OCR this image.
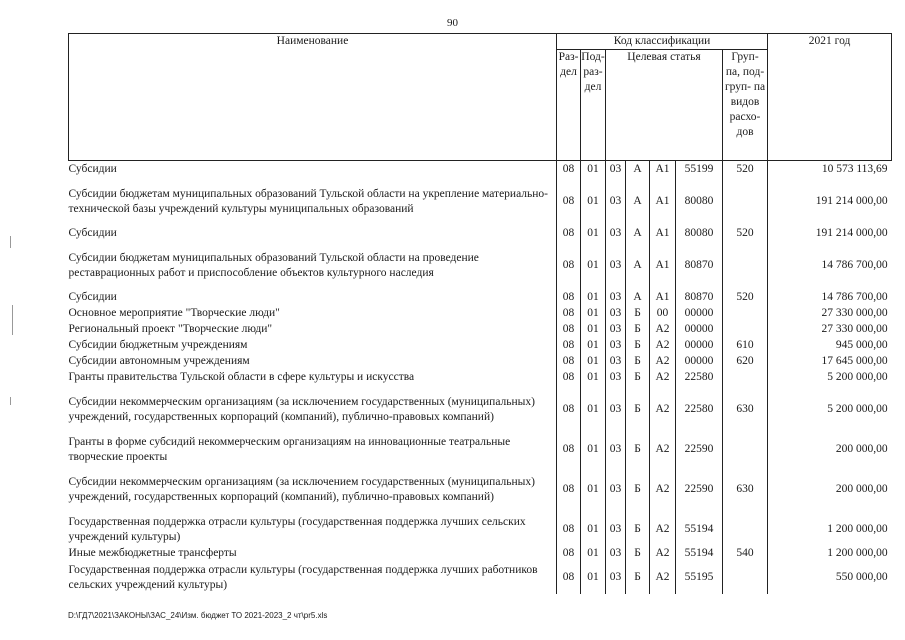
90
Наименование	Код классификации							2021 год
	Раз- дел	Под- раз- дел	Целевая статья				Груп- па, под- груп- па видов расхо- дов	
Субсидии	08	01	03	А	А1	55199	520	10 573 113,69
Субсидии бюджетам муниципальных образований Тульской области на укрепление материально-технической базы учреждений культуры муниципальных образований	08	01	03	А	А1	80080		191 214 000,00
Субсидии	08	01	03	А	А1	80080	520	191 214 000,00
Субсидии бюджетам муниципальных образований Тульской области на проведение реставрационных работ и приспособление объектов культурного наследия	08	01	03	А	А1	80870		14 786 700,00
Субсидии	08	01	03	А	А1	80870	520	14 786 700,00
Основное мероприятие "Творческие люди"	08	01	03	Б	00	00000		27 330 000,00
Региональный проект "Творческие люди"	08	01	03	Б	А2	00000		27 330 000,00
Субсидии бюджетным учреждениям	08	01	03	Б	А2	00000	610	945 000,00
Субсидии автономным учреждениям	08	01	03	Б	А2	00000	620	17 645 000,00
Гранты правительства Тульской области в сфере культуры и искусства	08	01	03	Б	А2	22580		5 200 000,00
Субсидии некоммерческим организациям (за исключением государственных (муниципальных) учреждений, государственных корпораций (компаний), публично-правовых компаний)	08	01	03	Б	А2	22580	630	5 200 000,00
Гранты в форме субсидий некоммерческим организациям на инновационные театральные творческие проекты	08	01	03	Б	А2	22590		200 000,00
Субсидии некоммерческим организациям (за исключением государственных (муниципальных) учреждений, государственных корпораций (компаний), публично-правовых компаний)	08	01	03	Б	А2	22590	630	200 000,00
Государственная поддержка отрасли культуры (государственная поддержка лучших сельских учреждений культуры)	08	01	03	Б	А2	55194		1 200 000,00
Иные межбюджетные трансферты	08	01	03	Б	А2	55194	540	1 200 000,00
Государственная поддержка отрасли культуры (государственная поддержка лучших работников сельских учреждений культуры)	08	01	03	Б	А2	55195		550 000,00
D:\ГД7\2021\ЗАКОНЫ\ЗАС_24\Изм. бюджет ТО 2021-2023_2 чт\pr5.xls
